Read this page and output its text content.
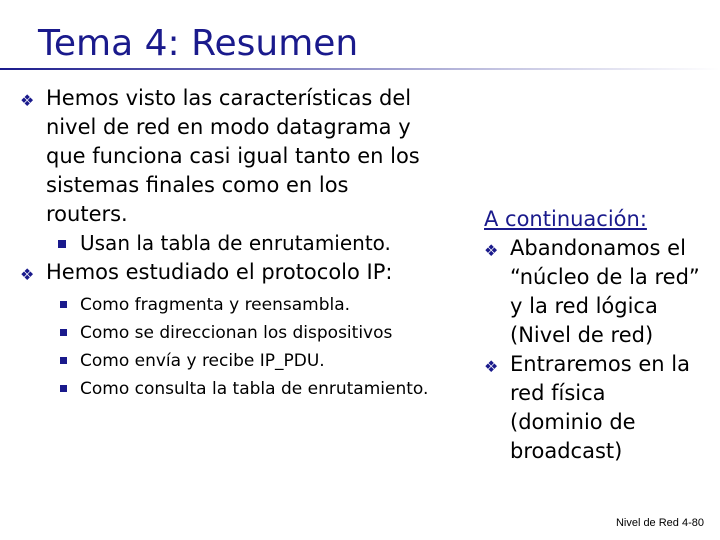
Tema 4: Resumen
❖ Hemos visto las características del nivel de red en modo datagrama y que funciona casi igual tanto en los sistemas finales como en los routers.
Usan la tabla de enrutamiento.
❖ Hemos estudiado el protocolo IP:
Como fragmenta y reensambla.
Como se direccionan los dispositivos
Como envía y recibe IP_PDU.
Como consulta la tabla de enrutamiento.
A continuación:
❖ Abandonamos el “núcleo de la red” y la red lógica (Nivel de red)
❖ Entraremos en la red física (dominio de broadcast)
Nivel de Red 4-80
